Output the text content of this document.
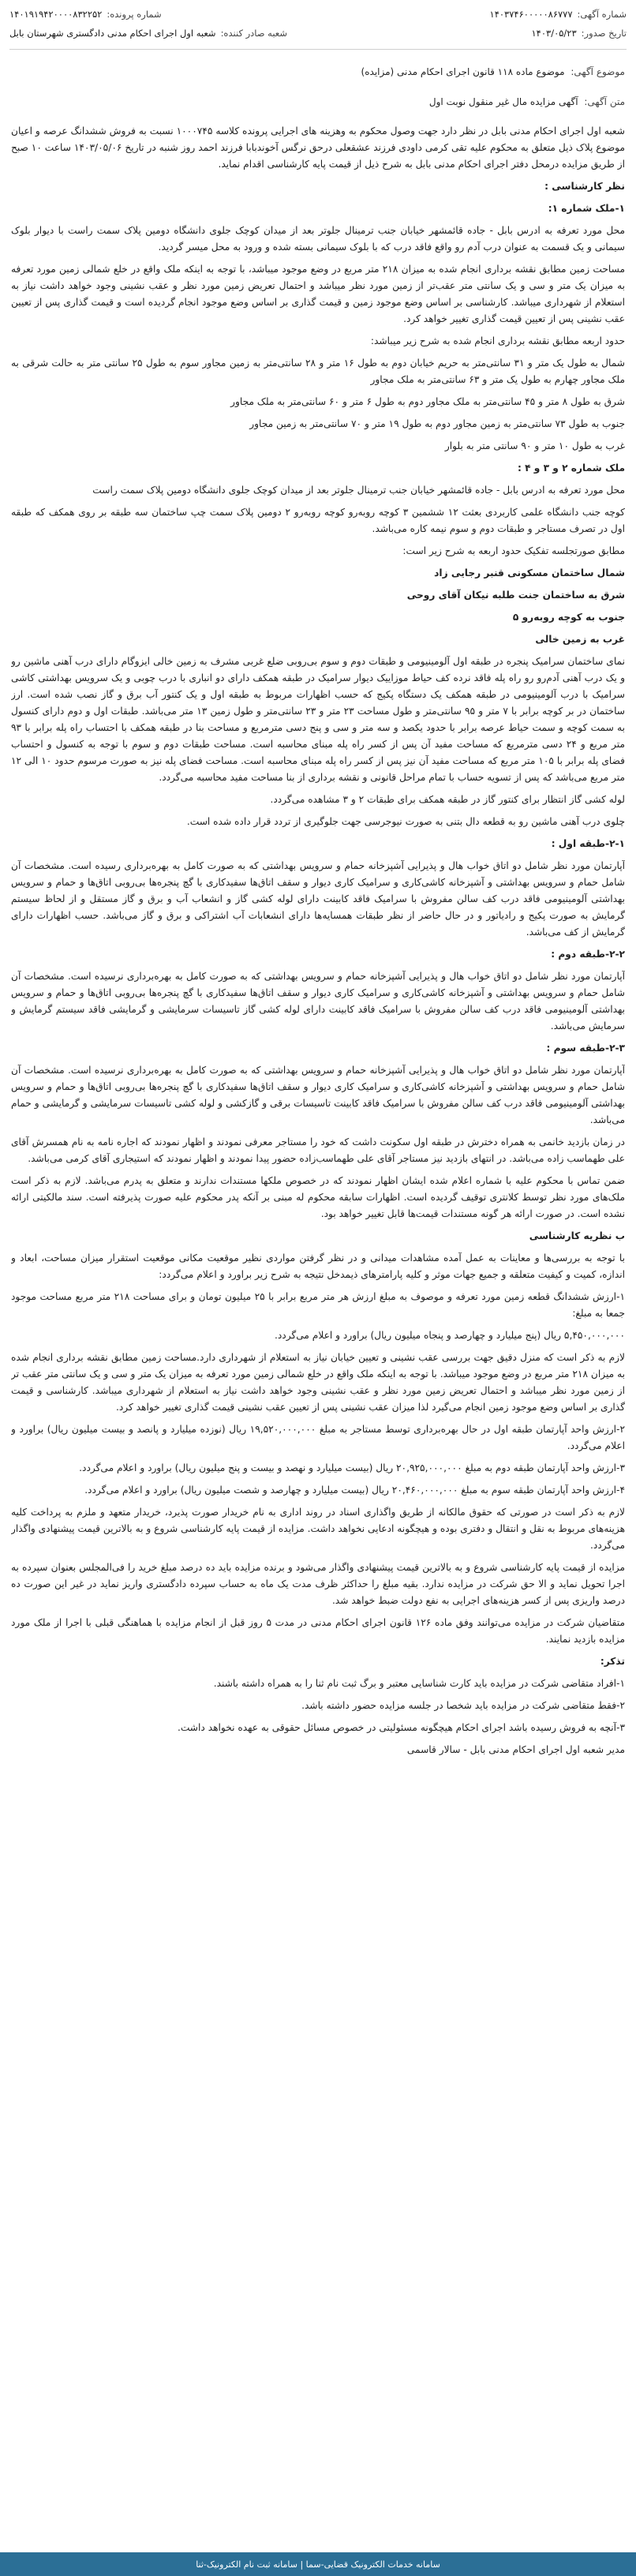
شماره آگهی:
۱۴۰۳۷۴۶۰۰۰۰۰۸۶۷۷۷
شماره پرونده:
۱۴۰۱۹۱۹۴۲۰۰۰۰۸۳۲۲۵۲
تاریخ صدور:
۱۴۰۳/۰۵/۲۳
شعبه صادر کننده:
شعبه اول اجرای احکام مدنی دادگستری شهرستان بابل
موضوع آگهی: موضوع ماده ۱۱۸ قانون اجرای احکام مدنی (مزایده)
متن آگهی: آگهی مزایده مال غیر منقول نوبت اول

شعبه اول اجرای احکام مدنی بابل در نظر دارد جهت وصول محکوم به وهزینه های اجرایی پرونده کلاسه ۱۰۰۰۷۴۵ نسبت به فروش ششدانگ عرصه و اعیان موضوع پلاک ذیل متعلق به محکوم علیه تقی کرمی داودی فرزند عشقعلی درحق نرگس آخوندبابا فرزند احمد روز شنبه در تاریخ ۱۴۰۳/۰۵/۰۶ ساعت ۱۰ صبح از طریق مزایده درمحل دفتر اجرای احکام مدنی بابل به شرح ذیل از قیمت پایه کارشناسی اقدام نماید.

نظر کارشناسی :

۱-ملک شماره ۱:

محل مورد تعرفه به ادرس بابل - جاده قائمشهر خیابان جنب ترمینال جلوتر بعد از میدان کوچک جلوی دانشگاه دومین پلاک سمت راست با دیوار بلوک سیمانی و یک قسمت به عنوان درب آدم رو واقع فاقد درب که با بلوک سیمانی بسته شده و ورود به محل میسر گردید.

مساحت زمین مطابق نقشه برداری انجام شده به میزان ۲۱۸ متر مربع در وضع موجود میباشد، با توجه به اینکه ملک واقع در خلع شمالی زمین مورد تعرفه به میزان یک متر و سی و یک سانتی متر عقب‌تر از زمین مورد نظر میباشد و احتمال تعریض زمین مورد نظر و عقب نشینی وجود خواهد داشت نیاز به استعلام از شهرداری میباشد. کارشناسی بر اساس وضع موجود زمین و قیمت گذاری بر اساس وضع موجود انجام گردیده است و قیمت گذاری پس از تعیین عقب نشینی پس از تعیین قیمت گذاری تغییر خواهد کرد.

حدود اربعه مطابق نقشه برداری انجام شده به شرح زیر میباشد:

شمال به طول یک متر و ۳۱ سانتی‌متر به حریم خیابان دوم به طول ۱۶ متر و ۲۸ سانتی‌متر به زمین مجاور سوم به طول ۲۵ سانتی متر به حالت شرقی به ملک مجاور چهارم به طول یک متر و ۶۳ سانتی‌متر به ملک مجاور

شرق به طول ۸ متر و ۴۵ سانتی‌متر به ملک مجاور دوم به طول ۶ متر و ۶۰ سانتی‌متر به ملک مجاور

جنوب به طول ۷۳ سانتی‌متر به زمین مجاور دوم به طول ۱۹ متر و ۷۰ سانتی‌متر به زمین مجاور

غرب به طول ۱۰ متر و ۹۰ سانتی متر به بلوار

ملک شماره ۲ و ۳ و ۴ :

محل مورد تعرفه به ادرس بابل - جاده قائمشهر خیابان جنب ترمینال جلوتر بعد از میدان کوچک جلوی دانشگاه دومین پلاک سمت راست

کوچه جنب دانشگاه علمی کاربردی بعثت ۱۲ ششمین ۳ کوچه روبه‌رو کوچه روبه‌رو ۲ دومین پلاک سمت چپ ساختمان سه طبقه بر روی همکف که طبقه اول در تصرف مستاجر و طبقات دوم و سوم نیمه کاره می‌باشد.

مطابق صورتجلسه تفکیک حدود اربعه به شرح زیر است:

شمال ساختمان مسکونی قنبر رجایی زاد

شرق به ساختمان جنت طلبه نیکان آقای روحی

جنوب به کوچه روبه‌رو ۵

غرب به زمین خالی

نمای ساختمان سرامیک پنجره در طبقه اول آلومینیومی و طبقات دوم و سوم بی‌روبی ضلع غربی مشرف به زمین خالی ایزوگام دارای درب آهنی ماشین رو و یک درب آهنی آدم‌رو رو راه پله فاقد نرده کف حیاط موزاییک دیوار سرامیک در طبقه همکف دارای دو انباری با درب چوبی و یک سرویس بهداشتی کاشی سرامیک با درب آلومینیومی در طبقه همکف یک دستگاه پکیج که حسب اظهارات مربوط به طبقه اول و یک کنتور آب برق و گاز نصب شده است. ارز ساختمان در بر کوچه برابر با ۷ متر و ۹۵ سانتی‌متر و طول مساحت ۲۳ متر و ۲۳ سانتی‌متر و طول زمین ۱۳ متر می‌باشد. طبقات اول و دوم دارای کنسول به سمت کوچه و سمت حیاط عرصه برابر با حدود یکصد و سه متر و سی و پنج دسی مترمربع و مساحت بنا در طبقه همکف با احتساب راه پله برابر با ۹۳ متر مربع و ۲۴ دسی مترمربع که مساحت مفید آن پس از کسر راه پله مبنای محاسبه است. مساحت طبقات دوم و سوم با توجه به کنسول و احتساب فضای پله برابر با ۱۰۵ متر مربع که مساحت مفید آن نیز پس از کسر راه پله مبنای محاسبه است. مساحت فضای پله نیز به صورت مرسوم حدود ۱۰ الی ۱۲ متر مربع می‌باشد که پس از تسویه حساب با تمام مراحل قانونی و نقشه برداری از بنا مساحت مفید محاسبه می‌گردد.

لوله کشی گاز انتظار برای کنتور گاز در طبقه همکف برای طبقات ۲ و ۳ مشاهده می‌گردد.

چلوی درب آهنی ماشین رو به قطعه دال بتنی به صورت نیوجرسی جهت جلوگیری از تردد قرار داده شده است.

۲-۱-طبقه اول :

آپارتمان مورد نظر شامل دو اتاق خواب هال و پذیرایی آشپزخانه حمام و سرویس بهداشتی که به صورت کامل به بهره‌برداری رسیده است. مشخصات آن شامل حمام و سرویس بهداشتی و آشپزخانه کاشی‌کاری و سرامیک کاری دیوار و سقف اتاق‌ها سفیدکاری با گچ پنجره‌ها بی‌روبی اتاق‌ها و حمام و سرویس بهداشتی آلومینیومی فاقد درب کف سالن مفروش با سرامیک فاقد کابینت دارای لوله کشی گاز و انشعاب آب و برق و گاز مستقل و از لحاظ سیستم گرمایش به صورت پکیج و رادیاتور و در حال حاضر از نظر طبقات همسایه‌ها دارای انشعابات آب اشتراکی و برق و گاز می‌باشد. حسب اظهارات دارای گرمایش از کف می‌باشد.

۲-۲-طبقه دوم :

آپارتمان مورد نظر شامل دو اتاق خواب هال و پذیرایی آشپزخانه حمام و سرویس بهداشتی که به صورت کامل به بهره‌برداری نرسیده است. مشخصات آن شامل حمام و سرویس بهداشتی و آشپزخانه کاشی‌کاری و سرامیک کاری دیوار و سقف اتاق‌ها سفیدکاری با گچ پنجره‌ها بی‌روبی اتاق‌ها و حمام و سرویس بهداشتی آلومینیومی فاقد درب کف سالن مفروش با سرامیک فاقد کابینت دارای لوله کشی گاز تاسیسات سرمایشی و گرمایشی فاقد سیستم گرمایش و سرمایش می‌باشد.

۲-۳-طبقه سوم :

آپارتمان مورد نظر شامل دو اتاق خواب هال و پذیرایی آشپزخانه حمام و سرویس بهداشتی که به صورت کامل به بهره‌برداری نرسیده است. مشخصات آن شامل حمام و سرویس بهداشتی و آشپزخانه کاشی‌کاری و سرامیک کاری دیوار و سقف اتاق‌ها سفیدکاری با گچ پنجره‌ها بی‌روبی اتاق‌ها و حمام و سرویس بهداشتی آلومینیومی فاقد درب کف سالن مفروش با سرامیک فاقد کابینت تاسیسات برقی و گازکشی و لوله کشی تاسیسات سرمایشی و گرمایشی و حمام می‌باشد.

در زمان بازدید خانمی به همراه دخترش در طبقه اول سکونت داشت که خود را مستاجر معرفی نمودند و اظهار نمودند که اجاره نامه به نام همسرش آقای علی طهماسب زاده می‌باشد. در انتهای بازدید نیز مستاجر آقای علی طهماسب‌زاده حضور پیدا نمودند و اظهار نمودند که استیجاری آقای کرمی می‌باشد.

ضمن تماس با محکوم علیه با شماره اعلام شده ایشان اظهار نمودند که در خصوص ملکها مستندات ندارند و متعلق به پدرم می‌باشد. لازم به ذکر است ملک‌های مورد نظر توسط کلانتری توقیف گردیده است. اظهارات سابقه محکوم له مبنی بر آنکه پدر محکوم علیه صورت پذیرفته است. سند مالکیتی ارائه نشده است. در صورت ارائه هر گونه مستندات قیمت‌ها قابل تغییر خواهد بود.

ب نظریه کارشناسی

با توجه به بررسی‌ها و معاینات به عمل آمده مشاهدات میدانی و در نظر گرفتن مواردی نظیر موقعیت مکانی موقعیت استقرار میزان مساحت، ابعاد و اندازه، کمیت و کیفیت متعلقه و جمیع جهات موثر و کلیه پارامترهای ذیمدخل نتیجه به شرح زیر براورد و اعلام می‌گردد:

۱-ارزش ششدانگ قطعه زمین مورد تعرفه و موصوف به مبلغ ارزش هر متر مربع برابر با ۲۵ میلیون تومان و برای مساحت ۲۱۸ متر مربع مساحت موجود جمعا به مبلغ:

۵,۴۵۰,۰۰۰,۰۰۰ ریال (پنج میلیارد و چهارصد و پنجاه میلیون ریال) براورد و اعلام می‌گردد.

لازم به ذکر است که منزل دقیق جهت بررسی عقب نشینی و تعیین خیابان نیاز به استعلام از شهرداری دارد.مساحت زمین مطابق نقشه برداری انجام شده به میزان ۲۱۸ متر مربع در وضع موجود میباشد. با توجه به اینکه ملک واقع در خلع شمالی زمین مورد تعرفه به میزان یک متر و سی و یک سانتی متر عقب تر از زمین مورد نظر میباشد و احتمال تعریض زمین مورد نظر و عقب نشینی وجود خواهد داشت نیاز به استعلام از شهرداری میباشد. کارشناسی و قیمت گذاری بر اساس وضع موجود زمین انجام می‌گیرد لذا میزان عقب نشینی پس از تعیین عقب نشینی قیمت گذاری تغییر خواهد کرد.

۲-ارزش واحد آپارتمان طبقه اول در حال بهره‌برداری توسط مستاجر به مبلغ ۱۹,۵۲۰,۰۰۰,۰۰۰ ریال (نوزده میلیارد و پانصد و بیست میلیون ریال) براورد و اعلام می‌گردد.

۳-ارزش واحد آپارتمان طبقه دوم به مبلغ ۲۰,۹۲۵,۰۰۰,۰۰۰ ریال (بیست میلیارد و نهصد و بیست و پنج میلیون ریال) براورد و اعلام می‌گردد.

۴-ارزش واحد آپارتمان طبقه سوم به مبلغ ۲۰,۴۶۰,۰۰۰,۰۰۰ ریال (بیست میلیارد و چهارصد و شصت میلیون ریال) براورد و اعلام می‌گردد.

لازم به ذکر است در صورتی که حقوق مالکانه از طریق واگذاری اسناد در روند اداری به نام خریدار صورت پذیرد، خریدار متعهد و ملزم به پرداخت کلیه هزینه‌های مربوط به نقل و انتقال و دفتری بوده و هیچگونه ادعایی نخواهد داشت. مزایده از قیمت پایه کارشناسی شروع و به بالاترین قیمت پیشنهادی واگذار می‌گردد.

مزایده از قیمت پایه کارشناسی شروع و به بالاترین قیمت پیشنهادی واگذار می‌شود و برنده مزایده باید ده درصد مبلغ خرید را فی‌المجلس بعنوان سپرده به اجرا تحویل نماید و الا حق شرکت در مزایده ندارد. بقیه مبلغ را حداکثر ظرف مدت یک ماه به حساب سپرده دادگستری واریز نماید در غیر این صورت ده درصد واریزی پس از کسر هزینه‌های اجرایی به نفع دولت ضبط خواهد شد.

متقاضیان شرکت در مزایده می‌توانند وفق ماده ۱۲۶ قانون اجرای احکام مدنی در مدت ۵ روز قبل از انجام مزایده با هماهنگی قبلی با اجرا از ملک مورد مزایده بازدید نمایند.

تذکر:

۱-افراد متقاضی شرکت در مزایده باید کارت شناسایی معتبر و برگ ثبت نام ثنا را به همراه داشته باشند.

۲-فقط متقاضی شرکت در مزایده باید شخصا در جلسه مزایده حضور داشته باشد.

۳-آنچه به فروش رسیده باشد اجرای احکام هیچگونه مسئولیتی در خصوص مسائل حقوقی به عهده نخواهد داشت.

مدیر شعبه اول اجرای احکام مدنی بابل - سالار قاسمی

سامانه خدمات الکترونیک قضایی-سما | سامانه ثبت نام الکترونیک-ثنا
